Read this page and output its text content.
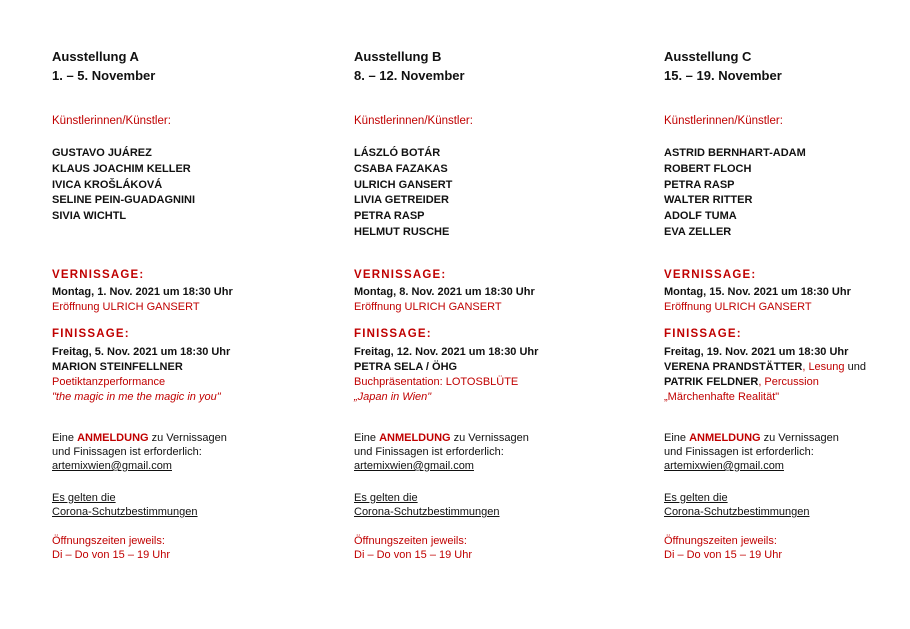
Ausstellung A
1. – 5. November
Künstlerinnen/Künstler:
GUSTAVO JUÁREZ
KLAUS JOACHIM KELLER
IVICA KROŠLÁKOVÁ
SELINE PEIN-GUADAGNINI
SIVIA WICHTL
VERNISSAGE:
Montag, 1. Nov. 2021 um 18:30 Uhr
Eröffnung ULRICH GANSERT
FINISSAGE:
Freitag, 5. Nov. 2021 um 18:30 Uhr
MARION STEINFELLNER
Poetiktanzperformance
"the magic in me the magic in you"
Eine ANMELDUNG zu Vernissagen
und Finissagen ist erforderlich:
artemixwien@gmail.com
Es gelten die
Corona-Schutzbestimmungen
Öffnungszeiten jeweils:
Di – Do von 15 – 19 Uhr
Ausstellung B
8. – 12. November
Künstlerinnen/Künstler:
LÁSZLÓ BOTÁR
CSABA FAZAKAS
ULRICH GANSERT
LIVIA GETREIDER
PETRA RASP
HELMUT RUSCHE
VERNISSAGE:
Montag, 8. Nov. 2021 um 18:30 Uhr
Eröffnung ULRICH GANSERT
FINISSAGE:
Freitag, 12. Nov. 2021 um 18:30 Uhr
PETRA SELA / ÖHG
Buchpräsentation: LOTOSBLÜTE
„Japan in Wien"
Eine ANMELDUNG zu Vernissagen
und Finissagen ist erforderlich:
artemixwien@gmail.com
Es gelten die
Corona-Schutzbestimmungen
Öffnungszeiten jeweils:
Di – Do von 15 – 19 Uhr
Ausstellung C
15. – 19. November
Künstlerinnen/Künstler:
ASTRID BERNHART-ADAM
ROBERT FLOCH
PETRA RASP
WALTER RITTER
ADOLF TUMA
EVA ZELLER
VERNISSAGE:
Montag, 15. Nov. 2021 um 18:30 Uhr
Eröffnung ULRICH GANSERT
FINISSAGE:
Freitag, 19. Nov. 2021 um 18:30 Uhr
VERENA PRANDSTÄTTER, Lesung und
PATRIK FELDNER, Percussion
„Märchenhafte Realität"
Eine ANMELDUNG zu Vernissagen
und Finissagen ist erforderlich:
artemixwien@gmail.com
Es gelten die
Corona-Schutzbestimmungen
Öffnungszeiten jeweils:
Di – Do von 15 – 19 Uhr
